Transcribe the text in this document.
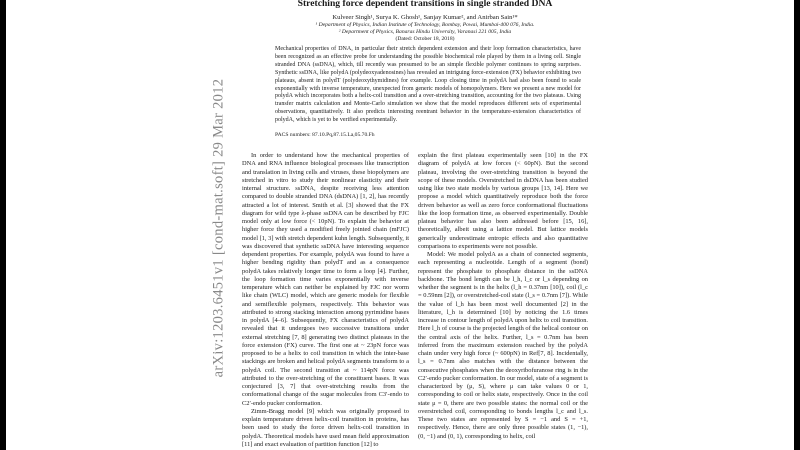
arXiv:1203.6451v1 [cond-mat.soft] 29 Mar 2012
Stretching force dependent transitions in single stranded DNA
Kulveer Singh¹, Surya K. Ghosh¹, Sanjay Kumar², and Anirban Sain¹*
¹ Department of Physics, Indian Institute of Technology, Bombay, Powai, Mumbai-400 076, India.
² Department of Physics, Banaras Hindu University, Varanasi 221 005, India
(Dated: October 18, 2018)
Mechanical properties of DNA, in particular their stretch dependent extension and their loop formation characteristics, have been recognized as an effective probe for understanding the possible biochemical role played by them in a living cell. Single stranded DNA (ssDNA), which, till recently was presumed to be an simple flexible polymer continues to spring surprises. Synthetic ssDNA, like polydA (polydeoxyadenosines) has revealed an intriguing force-extension (FX) behavior exhibiting two plateaus, absent in polydT (polydeoxythymidines) for example. Loop closing time in polydA had also been found to scale exponentially with inverse temperature, unexpected from generic models of homopolymers. Here we present a new model for polydA which incorporates both a helix-coil transition and a over-stretching transition, accounting for the two plateaus. Using transfer matrix calculation and Monte-Carlo simulation we show that the model reproduces different sets of experimental observations, quantitatively. It also predicts interesting reentrant behavior in the temperature-extension characteristics of polydA, which is yet to be verified experimentally.
PACS numbers: 87.10.Pq,87.15.La,05.70.Fh

In order to understand how the mechanical properties of DNA and RNA influence biological processes like transcription and translation in living cells and viruses, these biopolymers are stretched in vitro to study their nonlinear elasticity and their internal structure. ssDNA, despite receiving less attention compared to double stranded DNA (dsDNA) [1, 2], has recently attracted a lot of interest. Smith et al. [3] showed that the FX diagram for wild type λ-phase ssDNA can be described by FJC model only at low force (< 10pN). To explain the behavior at higher force they used a modified freely jointed chain (mFJC) model [1, 3] with stretch dependent kuhn length. Subsequently, it was discovered that synthetic ssDNA have interesting sequence dependent properties. For example, polydA was found to have a higher bending rigidity than polydT and as a consequence polydA takes relatively longer time to form a loop [4]. Further, the loop formation time varies exponentially with inverse temperature which can neither be explained by FJC nor worm like chain (WLC) model, which are generic models for flexible and semiflexible polymers, respectively. This behavior was attributed to strong stacking interaction among pyrimidine bases in polydA [4–6]. Subsequently, FX characteristics of polydA revealed that it undergoes two successive transitions under external stretching [7, 8] generating two distinct plateaus in the force extension (FX) curve. The first one at ~ 23pN force was proposed to be a helix to coil transition in which the inter-base stackings are broken and helical polydA segments transform to a polydA coil. The second transition at ~ 114pN force was attributed to the over-stretching of the constituent bases. It was conjectured [3, 7] that over-stretching results from the conformational change of the sugar molecules from C3′-endo to C2′-endo pucker conformation.

Zimm-Bragg model [9] which was originally proposed to explain temperature driven helix-coil transition in proteins, has been used to study the force driven helix-coil transition in polydA. Theoretical models have used mean field approximation [11] and exact evaluation of partition function [12] to

explain the first plateau experimentally seen [10] in the FX diagram of polydA at low forces (< 60pN). But the second plateau, involving the over-stretching transition is beyond the scope of these models. Overstretched in dsDNA has been studied using like two state models by various groups [13, 14]. Here we propose a model which quantitatively reproduce both the force driven behavior as well as zero force conformational fluctuations like the loop formation time, as observed experimentally. Double plateau behavior has also been addressed before [15, 16], theoretically, albeit using a lattice model. But lattice models generically underestimate entropic effects and also quantitative comparisons to experiments were not possible.

Model: We model polydA as a chain of connected segments, each representing a nucleotide. Length of a segment (bond) represent the phosphate to phosphate distance in the ssDNA backbone. The bond length can be l_h, l_c or l_s depending on whether the segment is in the helix (l_h = 0.37nm [10]), coil (l_c = 0.59nm [2]), or overstretched-coil state (l_s = 0.7nm [7]). While the value of l_h has been most well documented [2] in the literature, l_h is determined [10] by noticing the 1.6 times increase in contour length of polydA upon helix to coil transition. Here l_h of course is the projected length of the helical contour on the central axis of the helix. Further, l_s = 0.7nm has been inferred from the maximum extension reached by the polydA chain under very high force (~ 600pN) in Ref[7, 8]. Incidentally, l_s = 0.7nm also matches with the distance between the consecutive phosphates when the deoxyribofuranose ring is in the C2′-endo pucker conformation. In our model, state of a segment is characterized by (μ, S), where μ can take values 0 or 1, corresponding to coil or helix state, respectively. Once in the coil state μ = 0, there are two possible states: the normal coil or the overstretched coil, corresponding to bonds lengths l_c and l_s. These two states are represented by S = −1 and S = +1, respectively. Hence, there are only three possible states (1, −1), (0, −1) and (0, 1), corresponding to helix, coil
